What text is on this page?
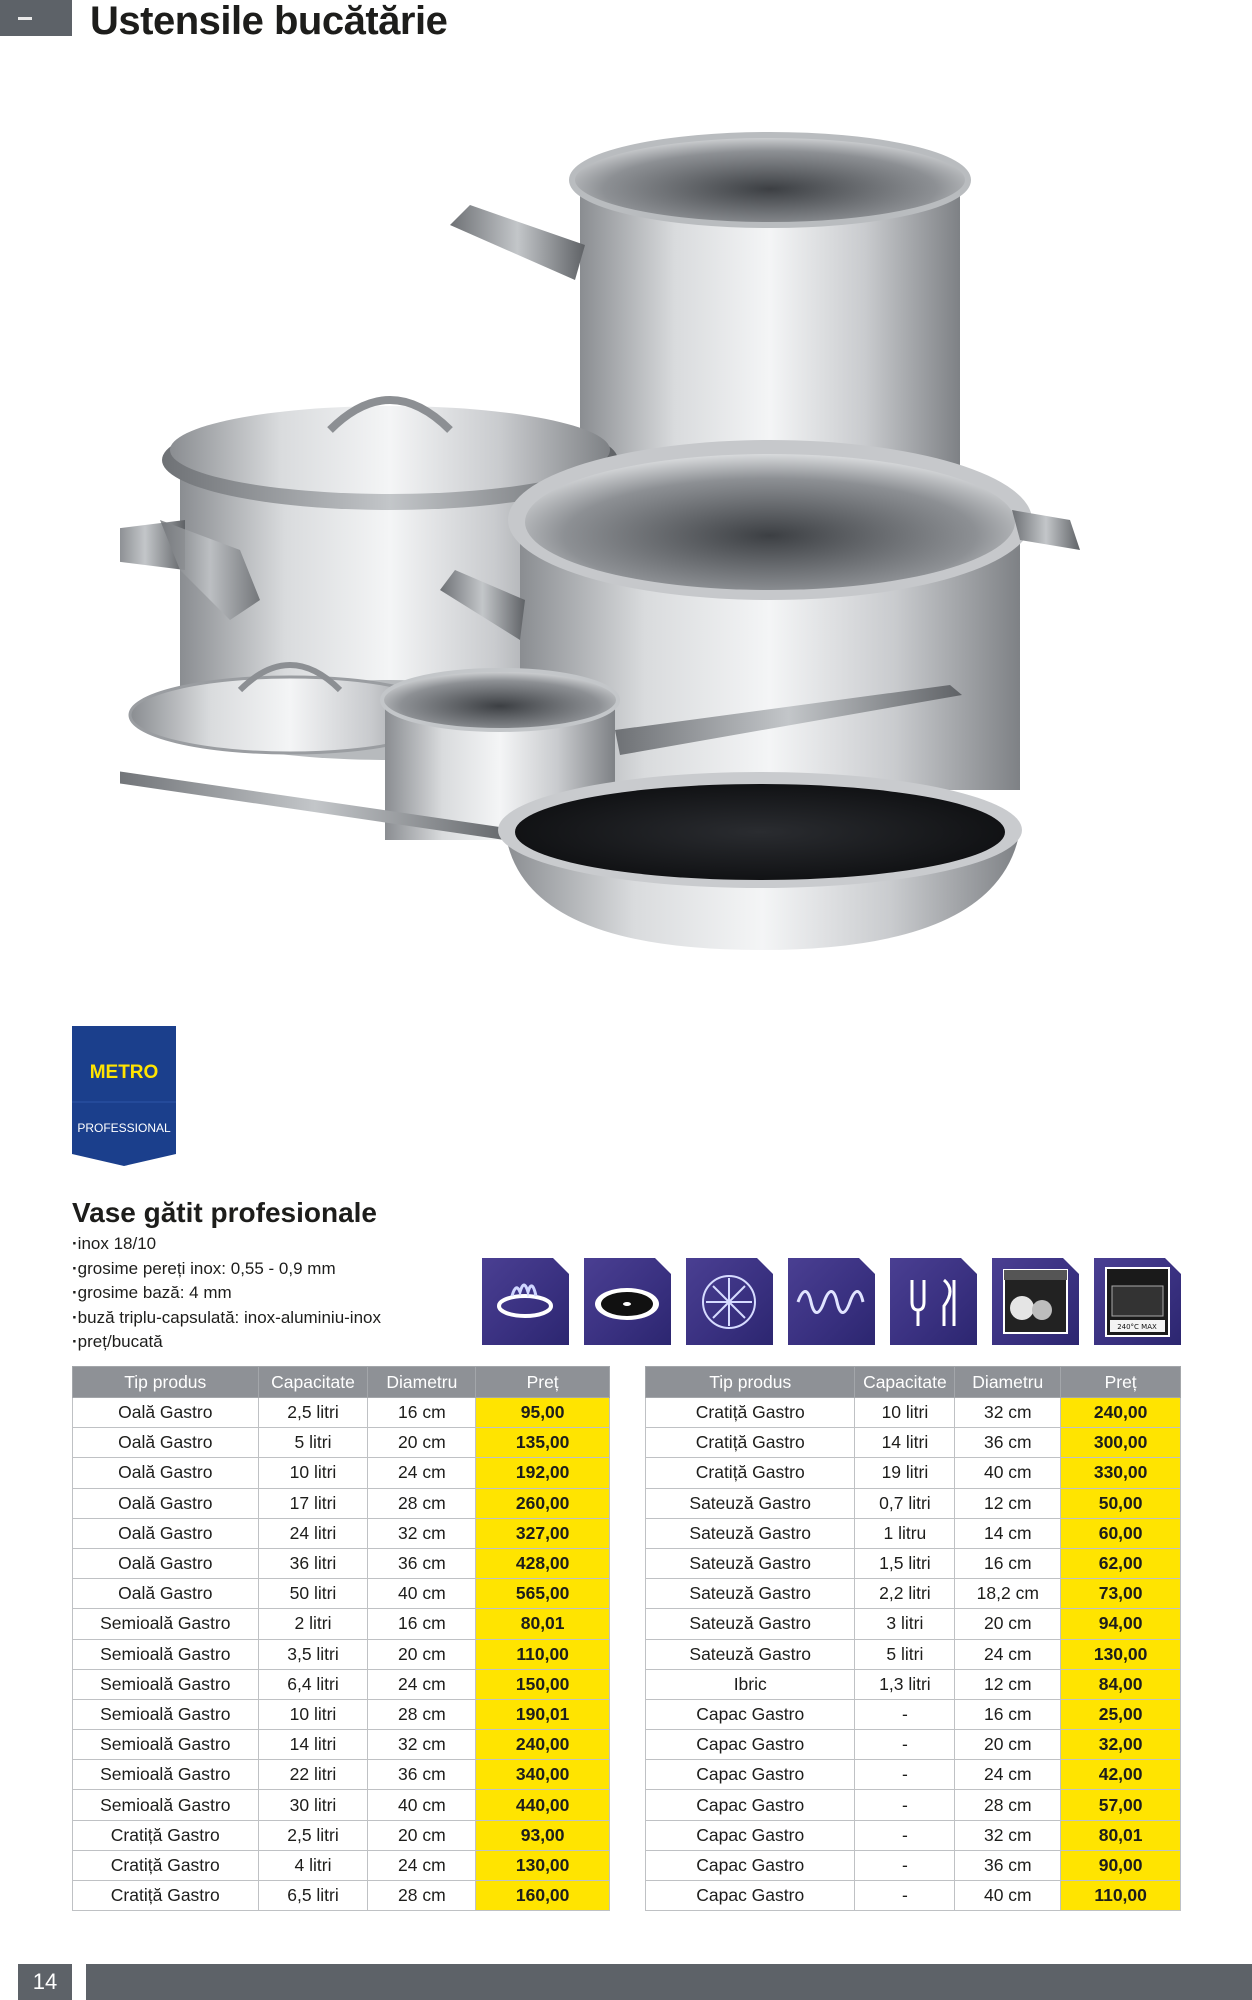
Ustensile bucătărie
METRO
PROFESSIONAL
Vase gătit profesionale
· inox 18/10
· grosime pereți inox: 0,55 - 0,9 mm
· grosime bază: 4 mm
· buză triplu-capsulată: inox-aluminiu-inox
· preț/bucată
240°C MAX
Tip produs	Capacitate	Diametru	Preț
Oală Gastro	2,5 litri	16 cm	95,00
Oală Gastro	5 litri	20 cm	135,00
Oală Gastro	10 litri	24 cm	192,00
Oală Gastro	17 litri	28 cm	260,00
Oală Gastro	24 litri	32 cm	327,00
Oală Gastro	36 litri	36 cm	428,00
Oală Gastro	50 litri	40 cm	565,00
Semioală Gastro	2 litri	16 cm	80,01
Semioală Gastro	3,5 litri	20 cm	110,00
Semioală Gastro	6,4 litri	24 cm	150,00
Semioală Gastro	10 litri	28 cm	190,01
Semioală Gastro	14 litri	32 cm	240,00
Semioală Gastro	22 litri	36 cm	340,00
Semioală Gastro	30 litri	40 cm	440,00
Cratiță Gastro	2,5 litri	20 cm	93,00
Cratiță Gastro	4 litri	24 cm	130,00
Cratiță Gastro	6,5 litri	28 cm	160,00
Tip produs	Capacitate	Diametru	Preț
Cratiță Gastro	10 litri	32 cm	240,00
Cratiță Gastro	14 litri	36 cm	300,00
Cratiță Gastro	19 litri	40 cm	330,00
Sateuză Gastro	0,7 litri	12 cm	50,00
Sateuză Gastro	1 litru	14 cm	60,00
Sateuză Gastro	1,5 litri	16 cm	62,00
Sateuză Gastro	2,2 litri	18,2 cm	73,00
Sateuză Gastro	3 litri	20 cm	94,00
Sateuză Gastro	5 litri	24 cm	130,00
Ibric	1,3 litri	12 cm	84,00
Capac Gastro	-	16 cm	25,00
Capac Gastro	-	20 cm	32,00
Capac Gastro	-	24 cm	42,00
Capac Gastro	-	28 cm	57,00
Capac Gastro	-	32 cm	80,01
Capac Gastro	-	36 cm	90,00
Capac Gastro	-	40 cm	110,00
14
